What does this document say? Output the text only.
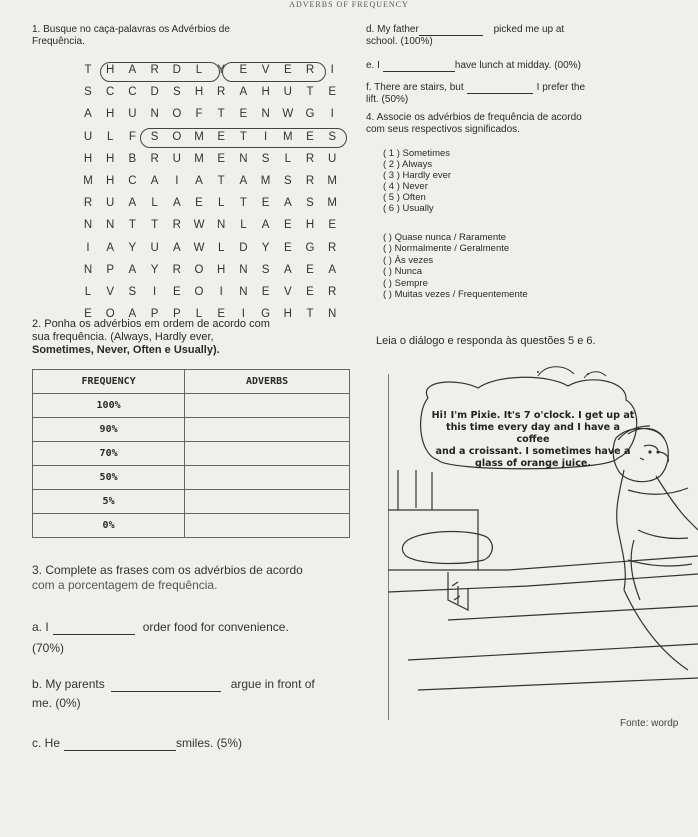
ADVERBS OF FREQUENCY
1. Busque no caça-palavras os Advérbios de
Frequência.
T	H	A	R	D	L	Y	E	V	E	R	I
S	C	C	D	S	H	R	A	H	U	T	E
A	H	U	N	O	F	T	E	N	W	G	I
U	L	F	S	O	M	E	T	I	M	E	S
H	H	B	R	U	M	E	N	S	L	R	U
M	H	C	A	I	A	T	A	M	S	R	M
R	U	A	L	A	E	L	T	E	A	S	M
N	N	T	T	R	W	N	L	A	E	H	E
I	A	Y	U	A	W	L	D	Y	E	G	R
N	P	A	Y	R	O	H	N	S	A	E	A
L	V	S	I	E	O	I	N	E	V	E	R
E	O	A	P	P	L	E	I	G	H	T	N
d. My father	picked me up at
school. (100%)
e. I	have lunch at midday. (00%)
f. There are stairs, but	I prefer the
lift. (50%)
4. Associe os advérbios de frequência de acordo
com seus respectivos significados.
( 1 ) Sometimes
( 2 ) Always
( 3 ) Hardly ever
( 4 ) Never
( 5 ) Often
( 6 ) Usually
( ) Quase nunca / Raramente
( ) Normalmente / Geralmente
( ) Às vezes
( ) Nunca
( ) Sempre
( ) Muitas vezes / Frequentemente
2. Ponha os advérbios em ordem de acordo com
sua frequência. (Always, Hardly ever,
Sometimes, Never, Often e Usually).
Leia o diálogo e responda às questões 5 e 6.
FREQUENCY	ADVERBS
100%	
90%	
70%	
50%	
5%	
0%	
3. Complete as frases com os advérbios de acordo
com a porcentagem de frequência.
a. I	order food for convenience.
(70%)
b. My parents	argue in front of
me. (0%)
c. He	smiles. (5%)
Hi! I'm Pixie. It's 7 o'clock. I get up at
this time every day and I have a coffee
and a croissant. I sometimes have a
glass of orange juice.
Fonte: wordp
